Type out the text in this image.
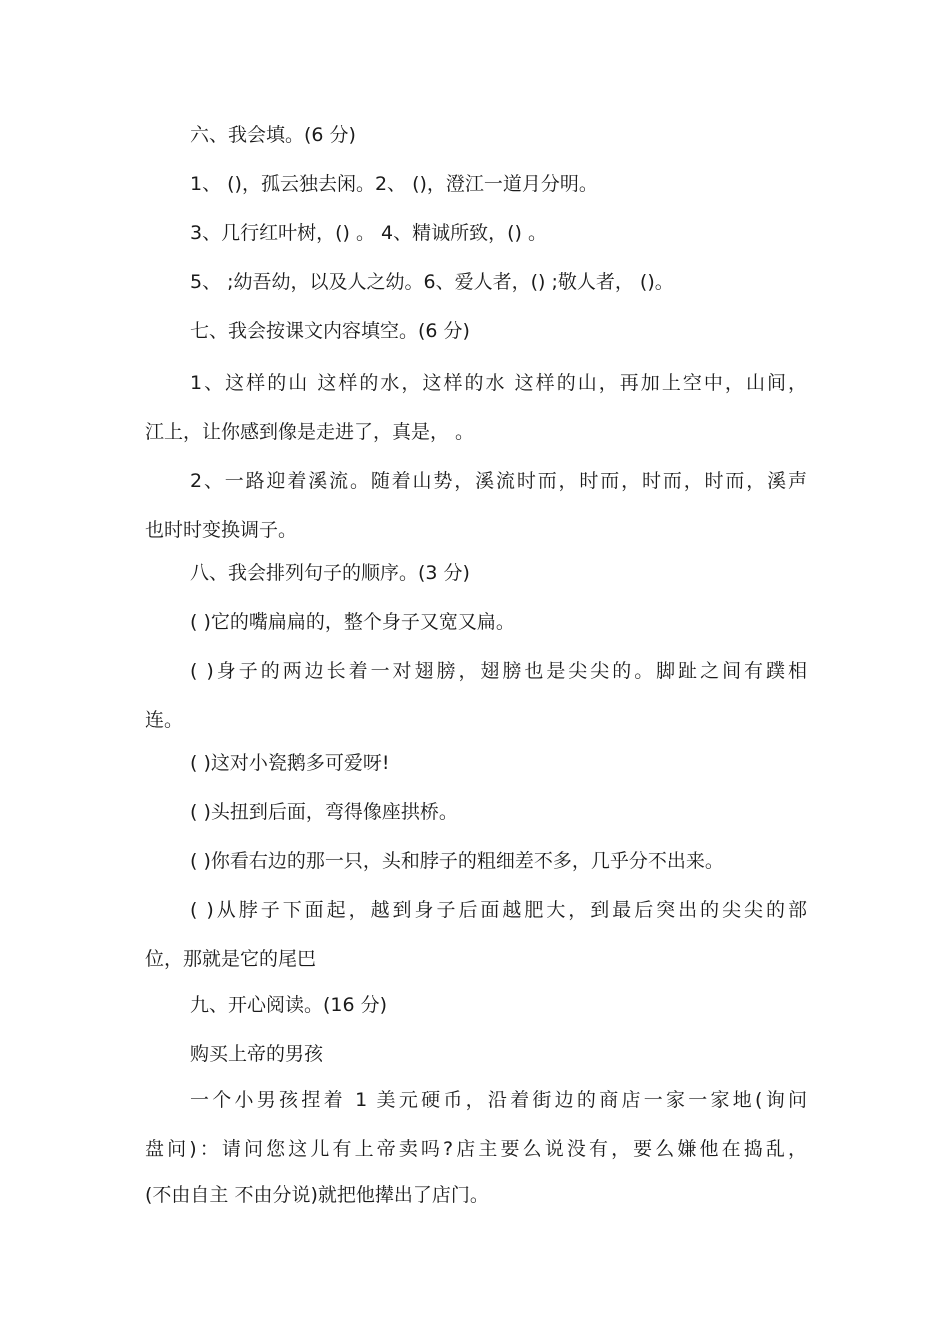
六、我会填。(6 分)
1、 ()，孤云独去闲。2、 ()，澄江一道月分明。
3、几行红叶树，() 。 4、精诚所致，() 。
5、 ;幼吾幼，以及人之幼。6、爱人者，() ;敬人者， ()。
七、我会按课文内容填空。(6 分)
1、这样的山 这样的水，这样的水 这样的山，再加上空中，山间，
江上，让你感到像是走进了，真是， 。
2、一路迎着溪流。随着山势，溪流时而，时而，时而，时而，溪声
也时时变换调子。
八、我会排列句子的顺序。(3 分)
( )它的嘴扁扁的，整个身子又宽又扁。
( )身子的两边长着一对翅膀，翅膀也是尖尖的。脚趾之间有蹼相
连。
( )这对小瓷鹅多可爱呀!
( )头扭到后面，弯得像座拱桥。
( )你看右边的那一只，头和脖子的粗细差不多，几乎分不出来。
( )从脖子下面起，越到身子后面越肥大，到最后突出的尖尖的部
位，那就是它的尾巴
九、开心阅读。(16 分)
购买上帝的男孩
一个小男孩捏着 1 美元硬币，沿着街边的商店一家一家地(询问
盘问)：请问您这儿有上帝卖吗?店主要么说没有，要么嫌他在捣乱，
(不由自主 不由分说)就把他撵出了店门。
